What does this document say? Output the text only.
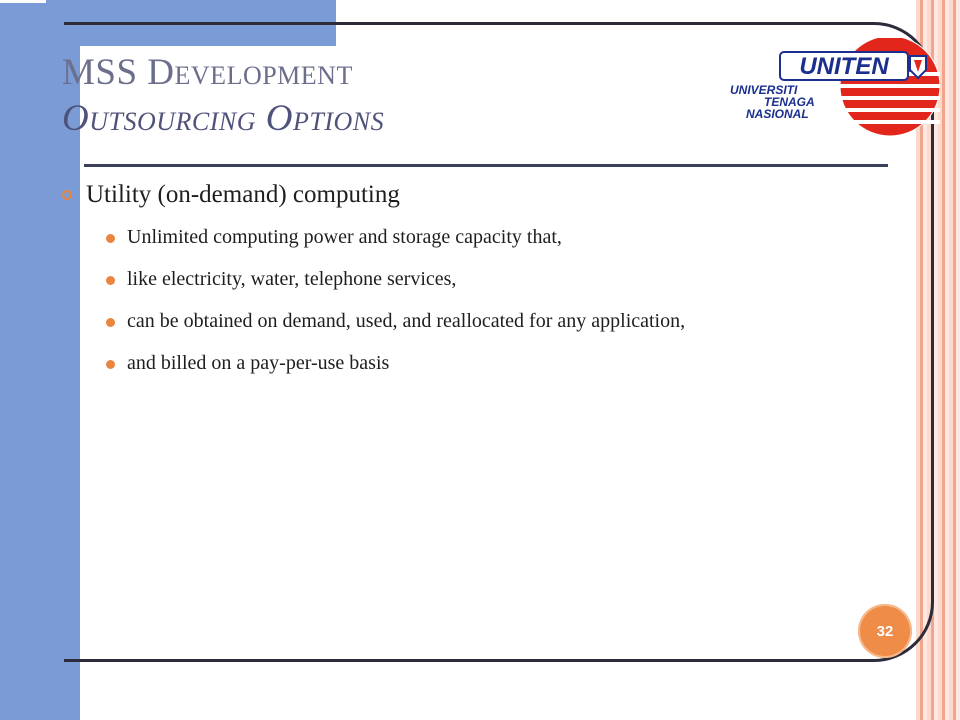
MSS Development

Outsourcing Options

UNITEN
UNIVERSITI
TENAGA
NASIONAL
Utility (on-demand) computing
Unlimited computing power and storage capacity that,
like electricity, water, telephone services,
can be obtained on demand, used, and reallocated for any application,
and billed on a pay-per-use basis
32
